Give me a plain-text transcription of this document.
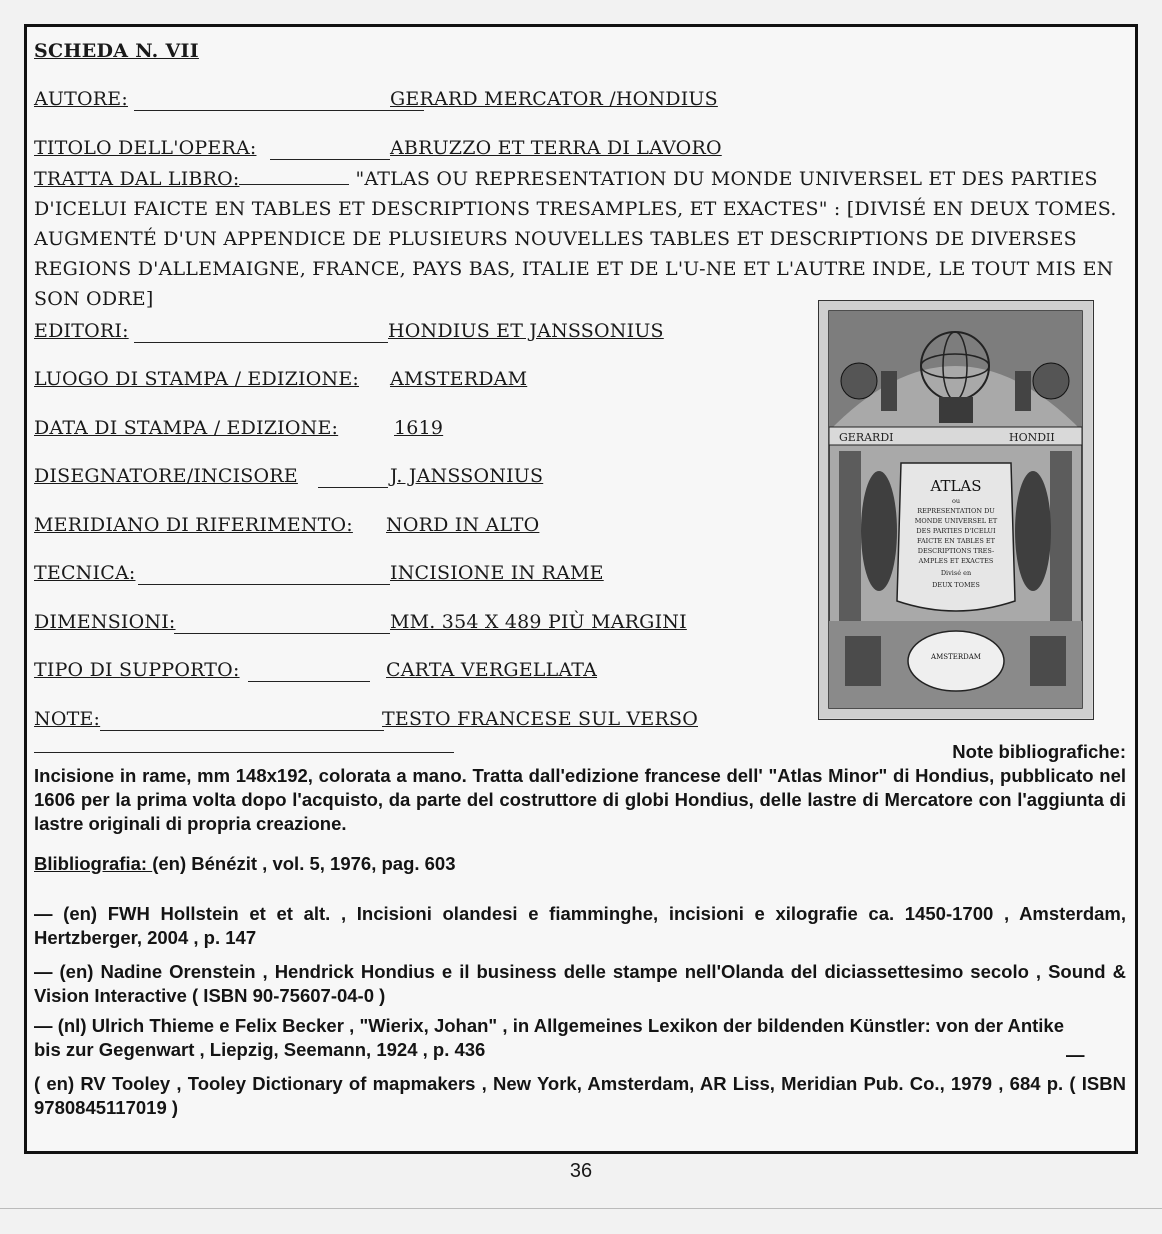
SCHEDA N. VII
AUTORE:	GERARD MERCATOR /HONDIUS
TITOLO DELL'OPERA:	ABRUZZO ET TERRA DI LAVORO
TRATTA DAL LIBRO:	"ATLAS OU REPRESENTATION DU MONDE UNIVERSEL ET DES PARTIES D'ICELUI FAICTE EN TABLES ET DESCRIPTIONS TRESAMPLES, ET EXACTES" : [DIVISÉ EN DEUX TOMES. AUGMENTÉ D'UN APPENDICE DE PLUSIEURS NOUVELLES TABLES ET DESCRIPTIONS DE DIVERSES REGIONS D'ALLEMAIGNE, FRANCE, PAYS BAS, ITALIE ET DE L'U-NE ET L'AUTRE INDE, LE TOUT MIS EN SON ODRE]
EDITORI:	HONDIUS ET JANSSONIUS
LUOGO DI STAMPA / EDIZIONE: AMSTERDAM
DATA DI STAMPA / EDIZIONE:	1619
DISEGNATORE/INCISORE	J. JANSSONIUS
MERIDIANO DI RIFERIMENTO: NORD IN ALTO
TECNICA:	INCISIONE IN RAME
DIMENSIONI:	MM. 354 X 489 PIÙ MARGINI
TIPO DI SUPPORTO:	CARTA VERGELLATA
NOTE:	TESTO FRANCESE SUL VERSO
GERARDI	HONDII
ATLAS
ou
REPRESENTATION DU
MONDE UNIVERSEL ET
DES PARTIES D'ICELUI
FAICTE EN TABLES ET
DESCRIPTIONS TRES-
AMPLES ET EXACTES
Divisé en
DEUX TOMES
AMSTERDAM
Note bibliografiche:
Incisione in rame, mm 148x192, colorata a mano. Tratta dall'edizione francese dell' "Atlas Minor" di Hondius, pubblicato nel 1606 per la prima volta dopo l'acquisto, da parte del costruttore di globi Hondius, delle lastre di Mercatore con l'aggiunta di lastre originali di propria creazione.
Blibliografia: (en) Bénézit , vol. 5, 1976, pag. 603
— (en) FWH Hollstein et et alt. , Incisioni olandesi e fiamminghe, incisioni e xilografie ca. 1450-1700 , Amsterdam, Hertzberger, 2004 , p. 147
— (en) Nadine Orenstein , Hendrick Hondius e il business delle stampe nell'Olanda del diciassettesimo secolo , Sound & Vision Interactive ( ISBN 90-75607-04-0 )
— (nl) Ulrich Thieme e Felix Becker , "Wierix, Johan" , in Allgemeines Lexikon der bildenden Künstler: von der Antike bis zur Gegenwart , Liepzig, Seemann, 1924 , p. 436	—
( en) RV Tooley , Tooley Dictionary of mapmakers , New York, Amsterdam, AR Liss, Meridian Pub. Co., 1979 , 684 p. ( ISBN 9780845117019 )
36
